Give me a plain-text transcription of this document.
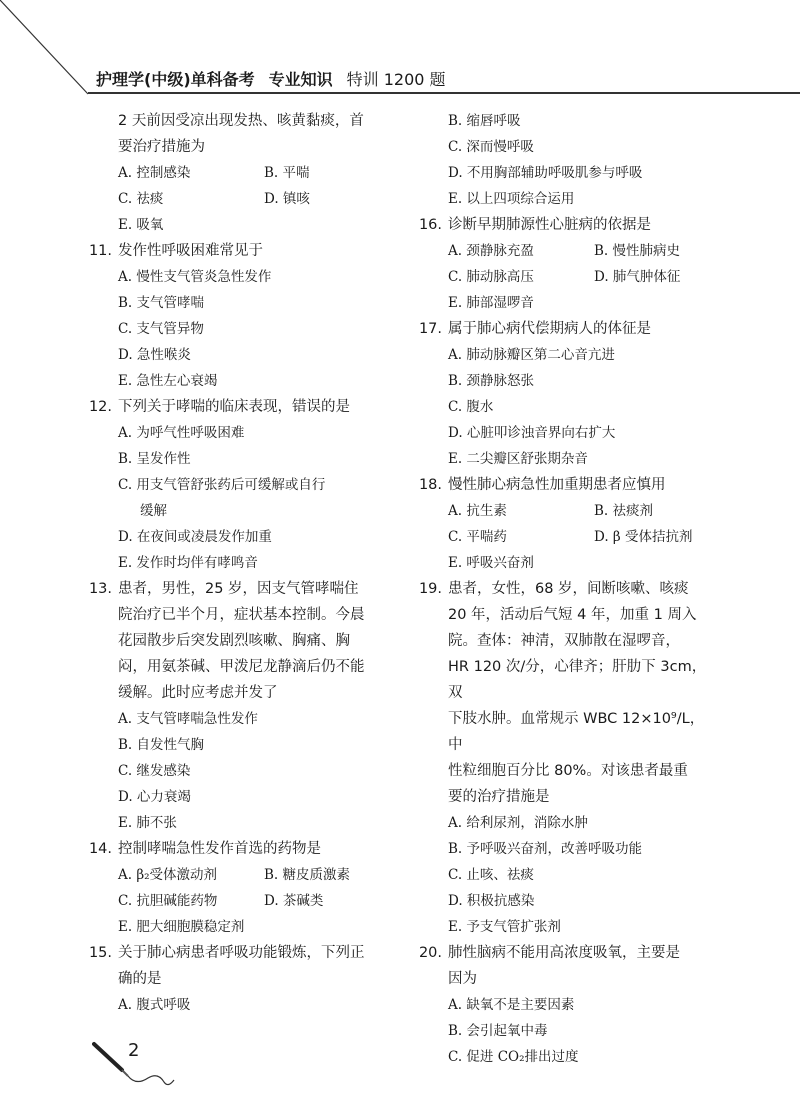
护理学(中级)单科备考 专业知识 特训 1200 题
2 天前因受凉出现发热、咳黄黏痰，首
要治疗措施为
A. 控制感染	B. 平喘
C. 祛痰	D. 镇咳
E. 吸氧
11. 发作性呼吸困难常见于
A. 慢性支气管炎急性发作
B. 支气管哮喘
C. 支气管异物
D. 急性喉炎
E. 急性左心衰竭
12. 下列关于哮喘的临床表现，错误的是
A. 为呼气性呼吸困难
B. 呈发作性
C. 用支气管舒张药后可缓解或自行
缓解
D. 在夜间或凌晨发作加重
E. 发作时均伴有哮鸣音
13. 患者，男性，25 岁，因支气管哮喘住
院治疗已半个月，症状基本控制。今晨
花园散步后突发剧烈咳嗽、胸痛、胸
闷，用氨茶碱、甲泼尼龙静滴后仍不能
缓解。此时应考虑并发了
A. 支气管哮喘急性发作
B. 自发性气胸
C. 继发感染
D. 心力衰竭
E. 肺不张
14. 控制哮喘急性发作首选的药物是
A. β₂受体激动剂	B. 糖皮质激素
C. 抗胆碱能药物	D. 茶碱类
E. 肥大细胞膜稳定剂
15. 关于肺心病患者呼吸功能锻炼，下列正
确的是
A. 腹式呼吸
B. 缩唇呼吸
C. 深而慢呼吸
D. 不用胸部辅助呼吸肌参与呼吸
E. 以上四项综合运用
16. 诊断早期肺源性心脏病的依据是
A. 颈静脉充盈	B. 慢性肺病史
C. 肺动脉高压	D. 肺气肿体征
E. 肺部湿啰音
17. 属于肺心病代偿期病人的体征是
A. 肺动脉瓣区第二心音亢进
B. 颈静脉怒张
C. 腹水
D. 心脏叩诊浊音界向右扩大
E. 二尖瓣区舒张期杂音
18. 慢性肺心病急性加重期患者应慎用
A. 抗生素	B. 祛痰剂
C. 平喘药	D. β 受体拮抗剂
E. 呼吸兴奋剂
19. 患者，女性，68 岁，间断咳嗽、咳痰
20 年，活动后气短 4 年，加重 1 周入
院。查体：神清，双肺散在湿啰音，
HR 120 次/分，心律齐；肝肋下 3cm，双
下肢水肿。血常规示 WBC 12×10⁹/L，中
性粒细胞百分比 80%。对该患者最重
要的治疗措施是
A. 给利尿剂，消除水肿
B. 予呼吸兴奋剂，改善呼吸功能
C. 止咳、祛痰
D. 积极抗感染
E. 予支气管扩张剂
20. 肺性脑病不能用高浓度吸氧，主要是
因为
A. 缺氧不是主要因素
B. 会引起氧中毒
C. 促进 CO₂排出过度
2
